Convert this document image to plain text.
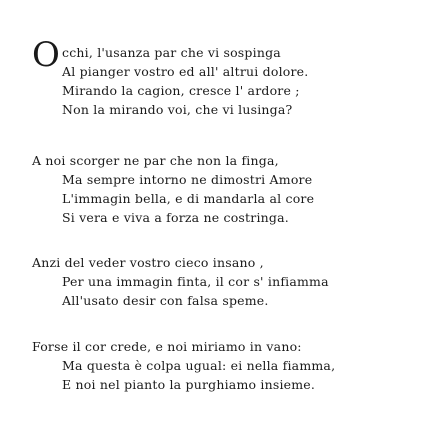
O cchi, l'usanza par che vi sospinga
Al pianger vostro ed all' altrui dolore.
Mirando la cagion, cresce l' ardore ;
Non la mirando voi, che vi lusinga?
A noi scorger ne par che non la finga,
Ma sempre intorno ne dimostri Amore
L'immagin bella, e di mandarla al core
Si vera e viva a forza ne costringa.
Anzi del veder vostro cieco insano ,
Per una immagin finta, il cor s' infiamma
All'usato desir con falsa speme.
Forse il cor crede, e noi miriamo in vano:
Ma questa è colpa ugual: ei nella fiamma,
E noi nel pianto la purghiamo insieme.
